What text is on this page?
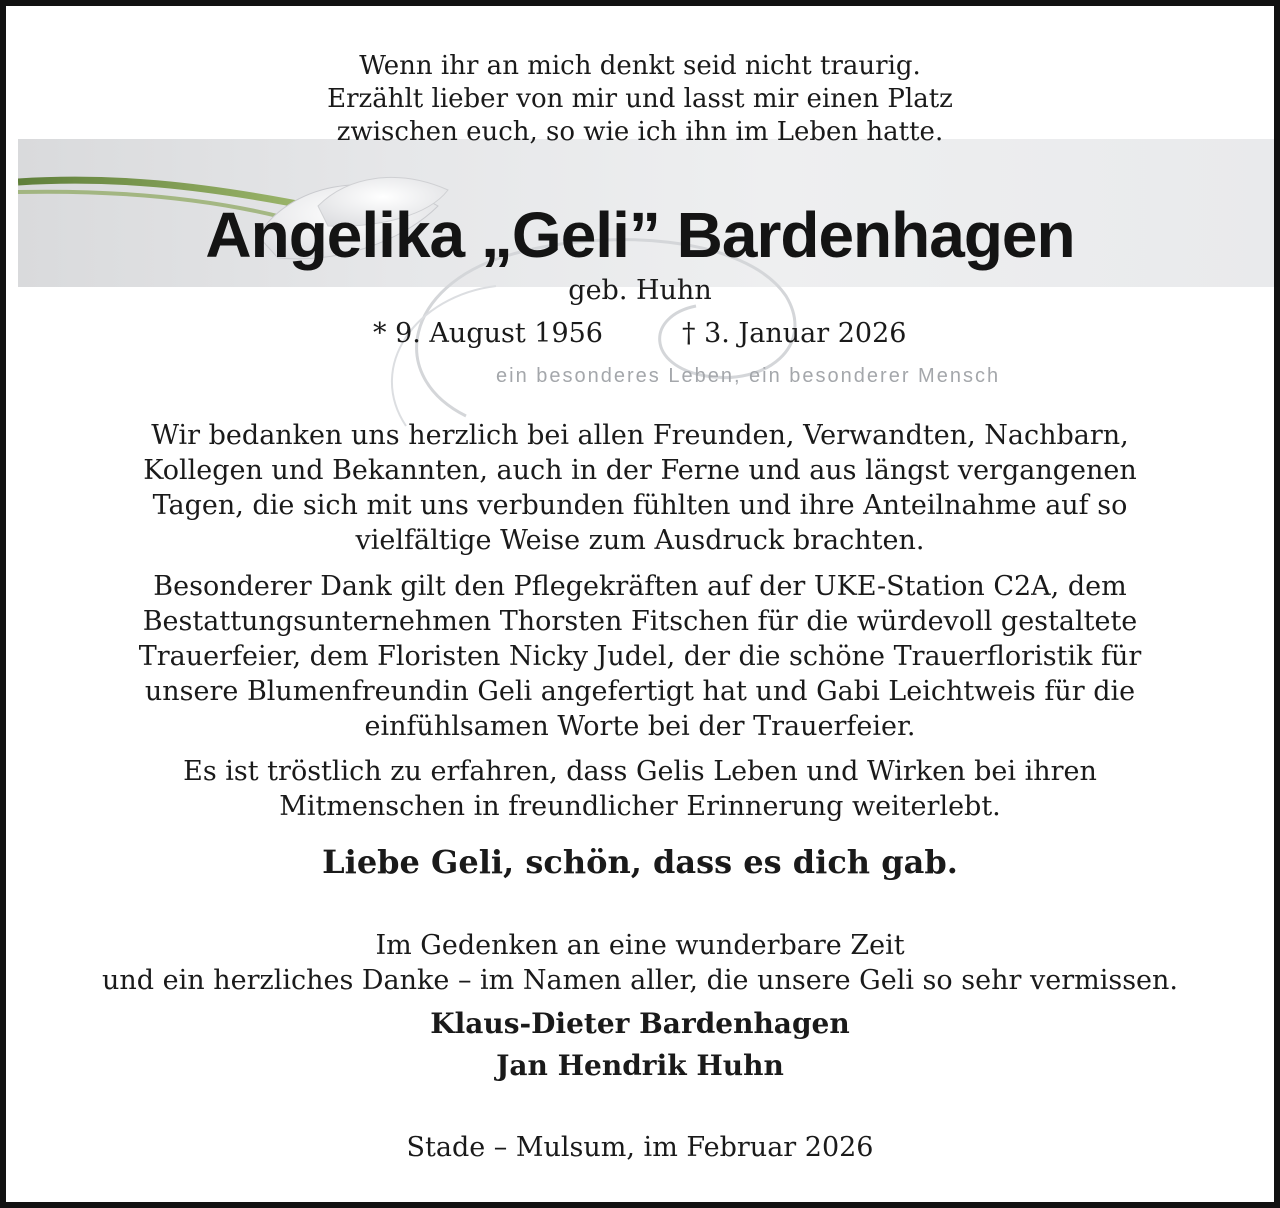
Wenn ihr an mich denkt seid nicht traurig.
Erzählt lieber von mir und lasst mir einen Platz
zwischen euch, so wie ich ihn im Leben hatte.
Angelika „Geli” Bardenhagen
geb. Huhn
* 9. August 1956	† 3. Januar 2026
ein besonderes Leben, ein besonderer Mensch
Wir bedanken uns herzlich bei allen Freunden, Verwandten, Nachbarn,
Kollegen und Bekannten, auch in der Ferne und aus längst vergangenen
Tagen, die sich mit uns verbunden fühlten und ihre Anteilnahme auf so
vielfältige Weise zum Ausdruck brachten.
Besonderer Dank gilt den Pflegekräften auf der UKE-Station C2A, dem
Bestattungsunternehmen Thorsten Fitschen für die würdevoll gestaltete
Trauerfeier, dem Floristen Nicky Judel, der die schöne Trauerfloristik für
unsere Blumenfreundin Geli angefertigt hat und Gabi Leichtweis für die
einfühlsamen Worte bei der Trauerfeier.
Es ist tröstlich zu erfahren, dass Gelis Leben und Wirken bei ihren
Mitmenschen in freundlicher Erinnerung weiterlebt.
Liebe Geli, schön, dass es dich gab.
Im Gedenken an eine wunderbare Zeit
und ein herzliches Danke – im Namen aller, die unsere Geli so sehr vermissen.
Klaus-Dieter Bardenhagen
Jan Hendrik Huhn
Stade – Mulsum, im Februar 2026
